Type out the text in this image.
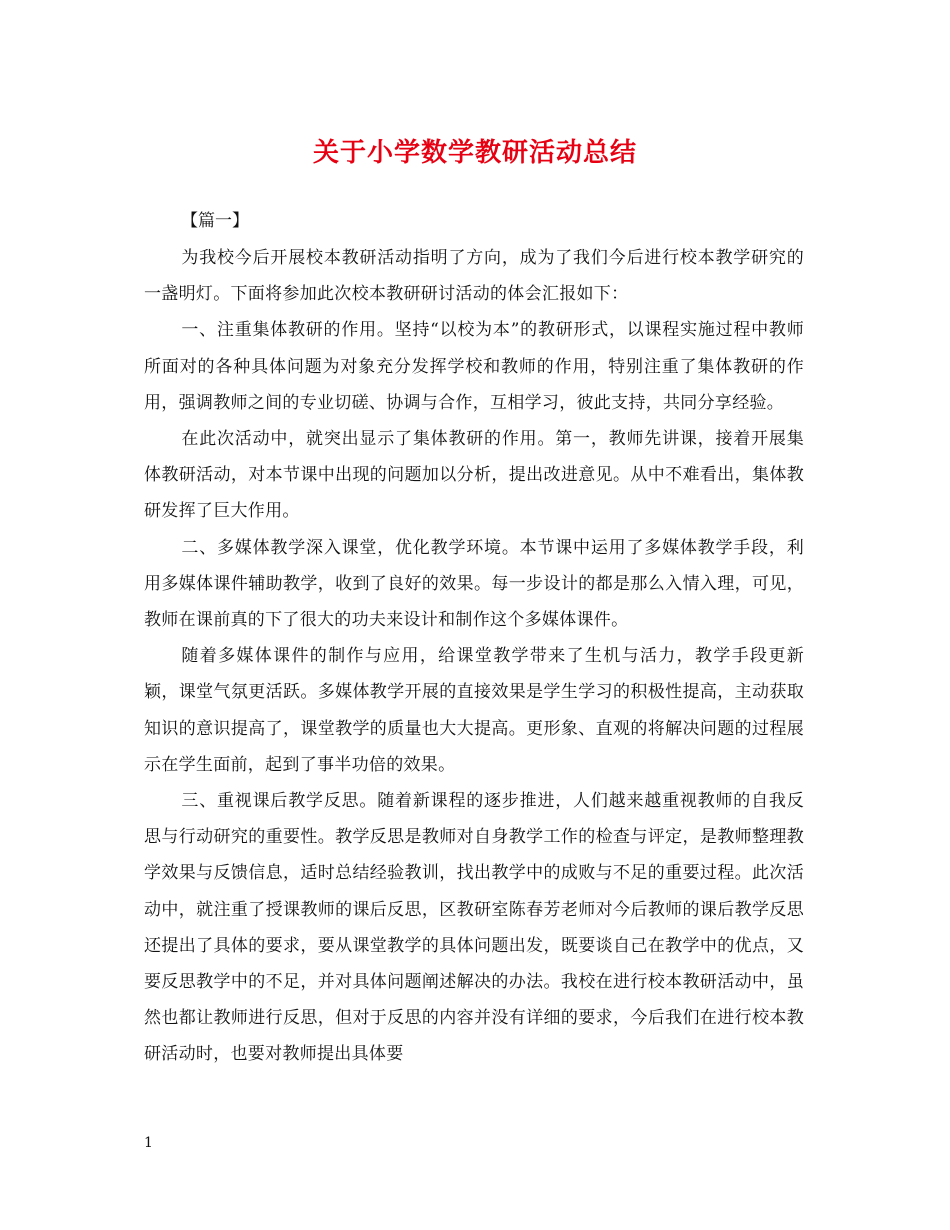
关于小学数学教研活动总结
【篇一】

为我校今后开展校本教研活动指明了方向，成为了我们今后进行校本教学研究的一盏明灯。下面将参加此次校本教研研讨活动的体会汇报如下：

一、注重集体教研的作用。坚持“以校为本”的教研形式，以课程实施过程中教师所面对的各种具体问题为对象充分发挥学校和教师的作用，特别注重了集体教研的作用，强调教师之间的专业切磋、协调与合作，互相学习，彼此支持，共同分享经验。

在此次活动中，就突出显示了集体教研的作用。第一，教师先讲课，接着开展集体教研活动，对本节课中出现的问题加以分析，提出改进意见。从中不难看出，集体教研发挥了巨大作用。

二、多媒体教学深入课堂，优化教学环境。本节课中运用了多媒体教学手段，利用多媒体课件辅助教学，收到了良好的效果。每一步设计的都是那么入情入理，可见，教师在课前真的下了很大的功夫来设计和制作这个多媒体课件。

随着多媒体课件的制作与应用，给课堂教学带来了生机与活力，教学手段更新颖，课堂气氛更活跃。多媒体教学开展的直接效果是学生学习的积极性提高，主动获取知识的意识提高了，课堂教学的质量也大大提高。更形象、直观的将解决问题的过程展示在学生面前，起到了事半功倍的效果。

三、重视课后教学反思。随着新课程的逐步推进，人们越来越重视教师的自我反思与行动研究的重要性。教学反思是教师对自身教学工作的检查与评定，是教师整理教学效果与反馈信息，适时总结经验教训，找出教学中的成败与不足的重要过程。此次活动中，就注重了授课教师的课后反思，区教研室陈春芳老师对今后教师的课后教学反思还提出了具体的要求，要从课堂教学的具体问题出发，既要谈自己在教学中的优点，又要反思教学中的不足，并对具体问题阐述解决的办法。我校在进行校本教研活动中，虽然也都让教师进行反思，但对于反思的内容并没有详细的要求，今后我们在进行校本教研活动时，也要对教师提出具体要

1
